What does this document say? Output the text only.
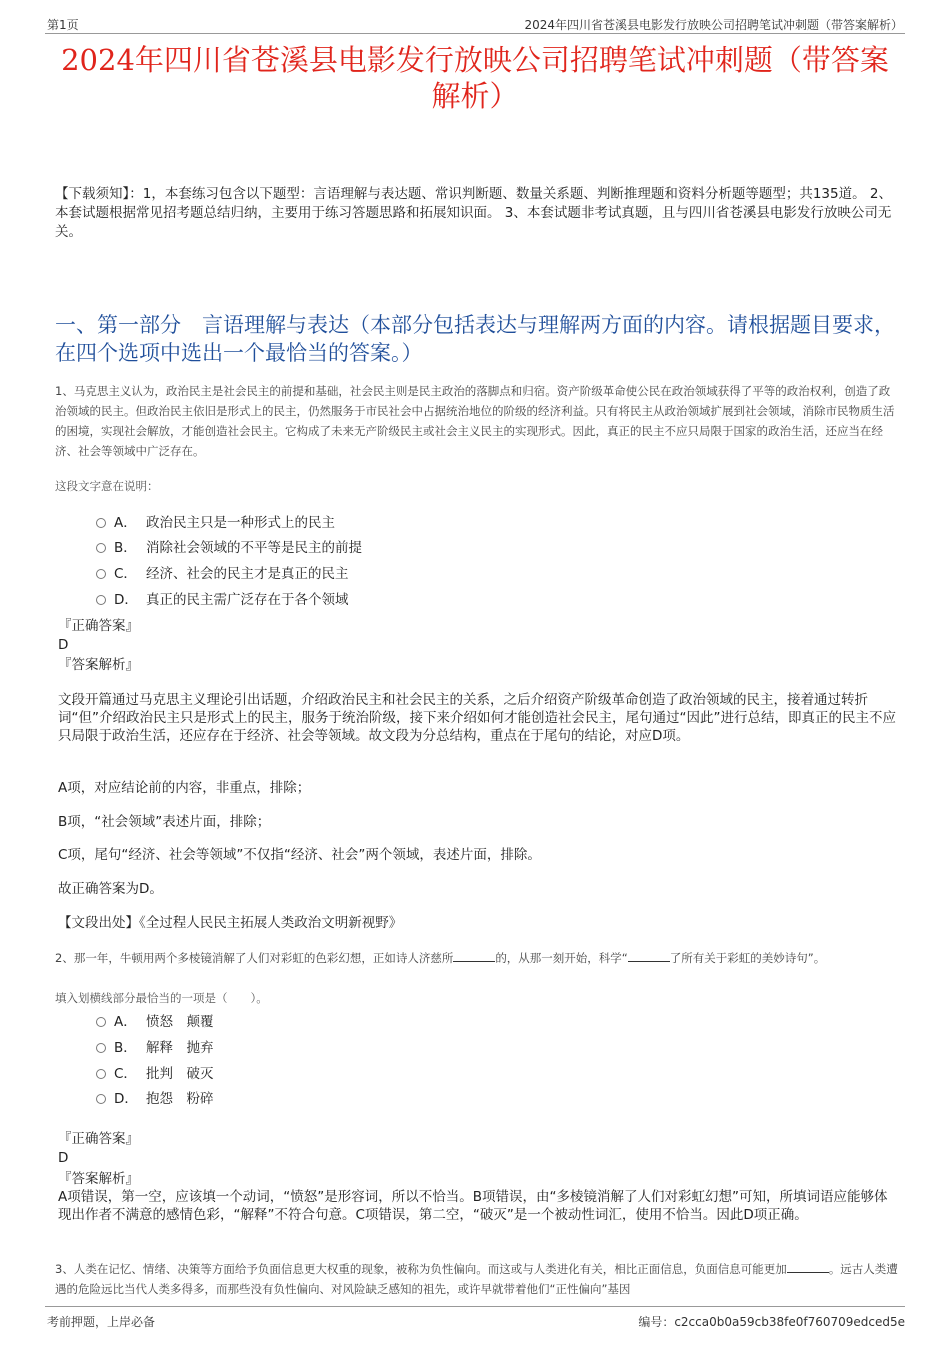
第1页	2024年四川省苍溪县电影发行放映公司招聘笔试冲刺题（带答案解析）
2024年四川省苍溪县电影发行放映公司招聘笔试冲刺题（带答案解析）
【下载须知】：1，本套练习包含以下题型：言语理解与表达题、常识判断题、数量关系题、判断推理题和资料分析题等题型；共135道。 2、本套试题根据常见招考题总结归纳，主要用于练习答题思路和拓展知识面。 3、本套试题非考试真题，且与四川省苍溪县电影发行放映公司无关。
一、第一部分　言语理解与表达（本部分包括表达与理解两方面的内容。请根据题目要求，在四个选项中选出一个最恰当的答案。）
1、马克思主义认为，政治民主是社会民主的前提和基础，社会民主则是民主政治的落脚点和归宿。资产阶级革命使公民在政治领域获得了平等的政治权利，创造了政治领域的民主。但政治民主依旧是形式上的民主，仍然服务于市民社会中占据统治地位的阶级的经济利益。只有将民主从政治领域扩展到社会领域，消除市民物质生活的困境，实现社会解放，才能创造社会民主。它构成了未来无产阶级民主或社会主义民主的实现形式。因此，真正的民主不应只局限于国家的政治生活，还应当在经济、社会等领域中广泛存在。
这段文字意在说明：
A． 政治民主只是一种形式上的民主
B． 消除社会领域的不平等是民主的前提
C． 经济、社会的民主才是真正的民主
D． 真正的民主需广泛存在于各个领域
『正确答案』
D
『答案解析』
文段开篇通过马克思主义理论引出话题，介绍政治民主和社会民主的关系，之后介绍资产阶级革命创造了政治领域的民主，接着通过转折词“但”介绍政治民主只是形式上的民主，服务于统治阶级，接下来介绍如何才能创造社会民主，尾句通过“因此”进行总结，即真正的民主不应只局限于政治生活，还应存在于经济、社会等领域。故文段为分总结构，重点在于尾句的结论，对应D项。
A项，对应结论前的内容，非重点，排除；
B项，“社会领域”表述片面，排除；
C项，尾句“经济、社会等领域”不仅指“经济、社会”两个领域，表述片面，排除。
故正确答案为D。
【文段出处】《全过程人民民主拓展人类政治文明新视野》
2、那一年，牛顿用两个多棱镜消解了人们对彩虹的色彩幻想，正如诗人济慈所	的，从那一刻开始，科学“	了所有关于彩虹的美妙诗句”。
填入划横线部分最恰当的一项是（　　）。
A． 愤怒　颠覆
B． 解释　抛弃
C． 批判　破灭
D． 抱怨　粉碎
『正确答案』
D
『答案解析』
A项错误，第一空，应该填一个动词，“愤怒”是形容词，所以不恰当。B项错误，由“多棱镜消解了人们对彩虹幻想”可知，所填词语应能够体现出作者不满意的感情色彩，“解释”不符合句意。C项错误，第二空，“破灭”是一个被动性词汇，使用不恰当。因此D项正确。
3、人类在记忆、情绪、决策等方面给予负面信息更大权重的现象，被称为负性偏向。而这或与人类进化有关，相比正面信息，负面信息可能更加	。远古人类遭遇的危险远比当代人类多得多，而那些没有负性偏向、对风险缺乏感知的祖先，或许早就带着他们“正性偏向”基因
考前押题，上岸必备	编号：c2cca0b0a59cb38fe0f760709edced5e
